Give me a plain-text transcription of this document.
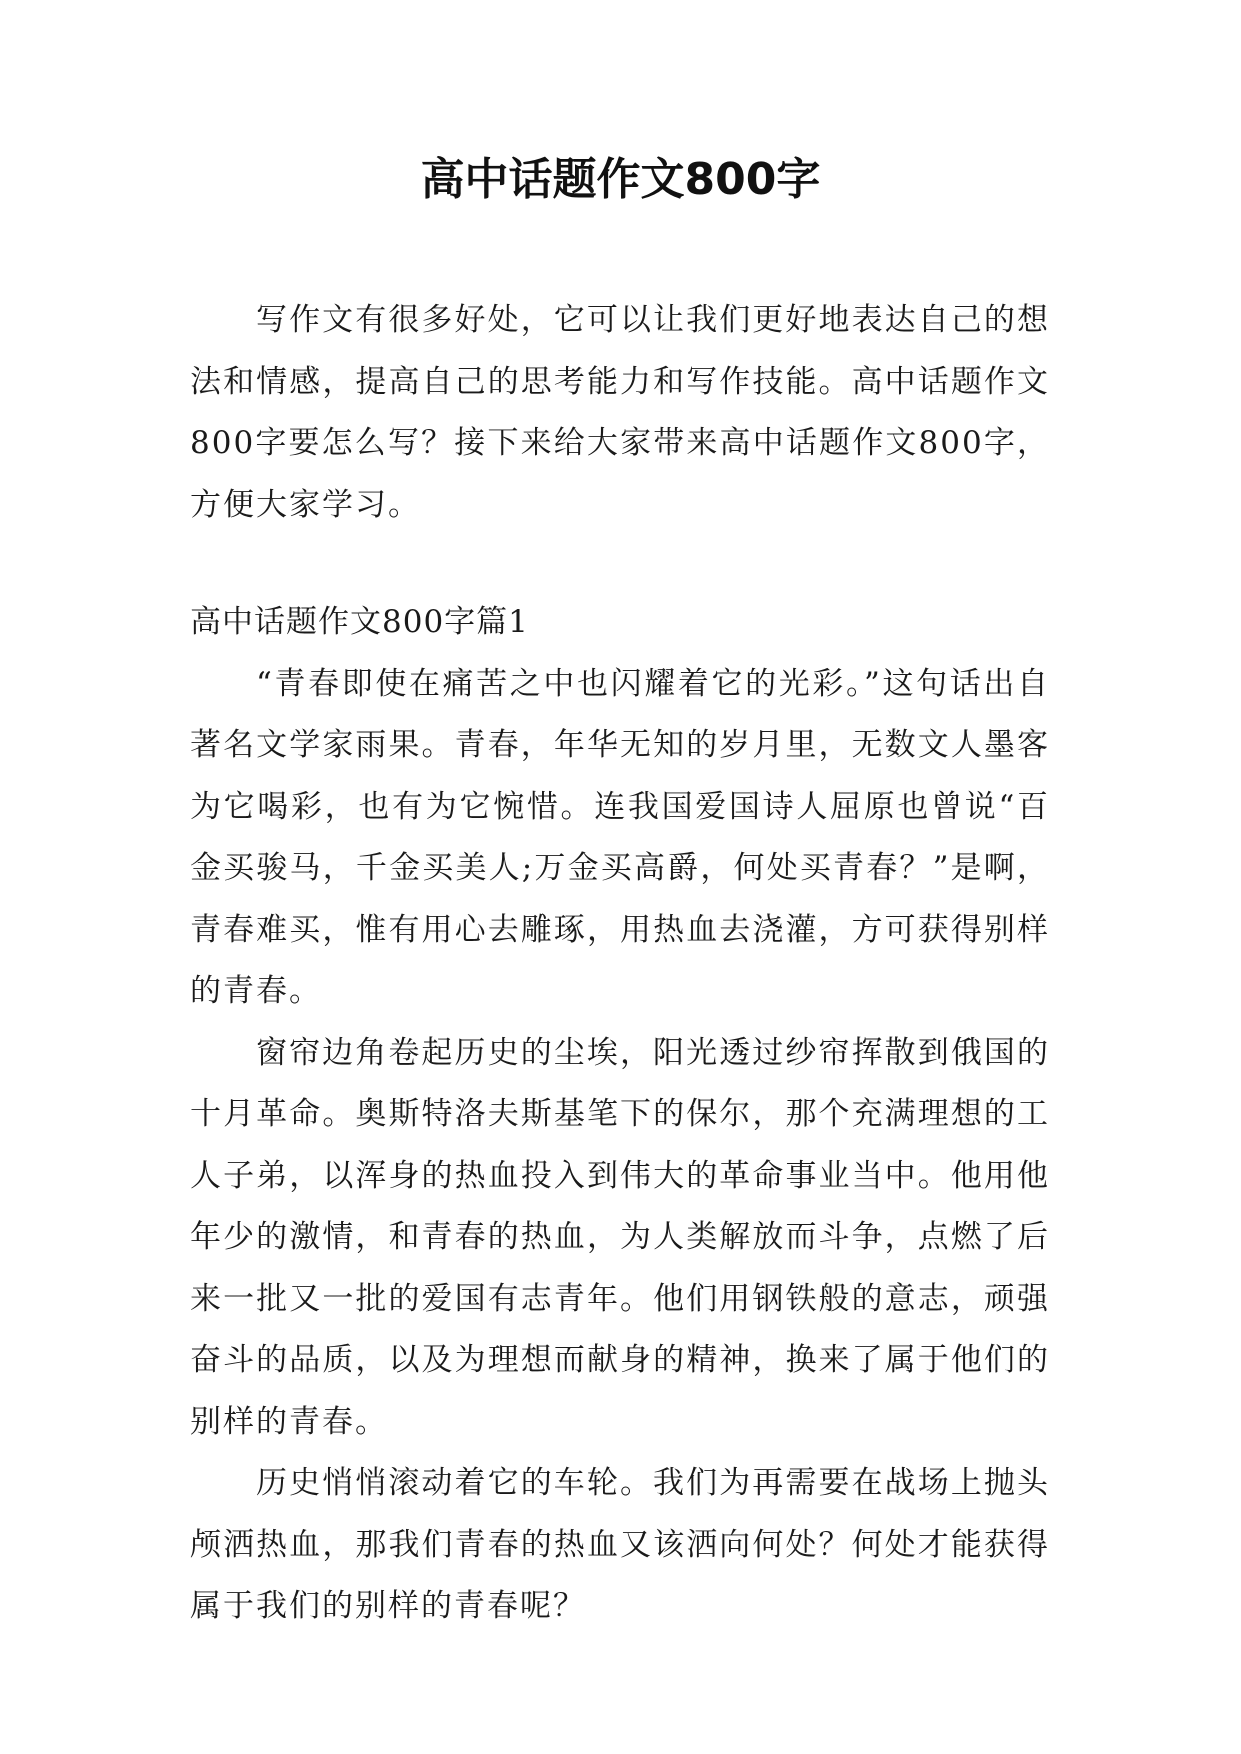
高中话题作文800字

写作文有很多好处，它可以让我们更好地表达自己的想法和情感，提高自己的思考能力和写作技能。高中话题作文800字要怎么写？接下来给大家带来高中话题作文800字，方便大家学习。

高中话题作文800字篇1

“青春即使在痛苦之中也闪耀着它的光彩。”这句话出自著名文学家雨果。青春，年华无知的岁月里，无数文人墨客为它喝彩，也有为它惋惜。连我国爱国诗人屈原也曾说“百金买骏马，千金买美人;万金买高爵，何处买青春？”是啊，青春难买，惟有用心去雕琢，用热血去浇灌，方可获得别样的青春。

窗帘边角卷起历史的尘埃，阳光透过纱帘挥散到俄国的十月革命。奥斯特洛夫斯基笔下的保尔，那个充满理想的工人子弟，以浑身的热血投入到伟大的革命事业当中。他用他年少的激情，和青春的热血，为人类解放而斗争，点燃了后来一批又一批的爱国有志青年。他们用钢铁般的意志，顽强奋斗的品质，以及为理想而献身的精神，换来了属于他们的别样的青春。

历史悄悄滚动着它的车轮。我们为再需要在战场上抛头颅洒热血，那我们青春的热血又该洒向何处？何处才能获得属于我们的别样的青春呢？
